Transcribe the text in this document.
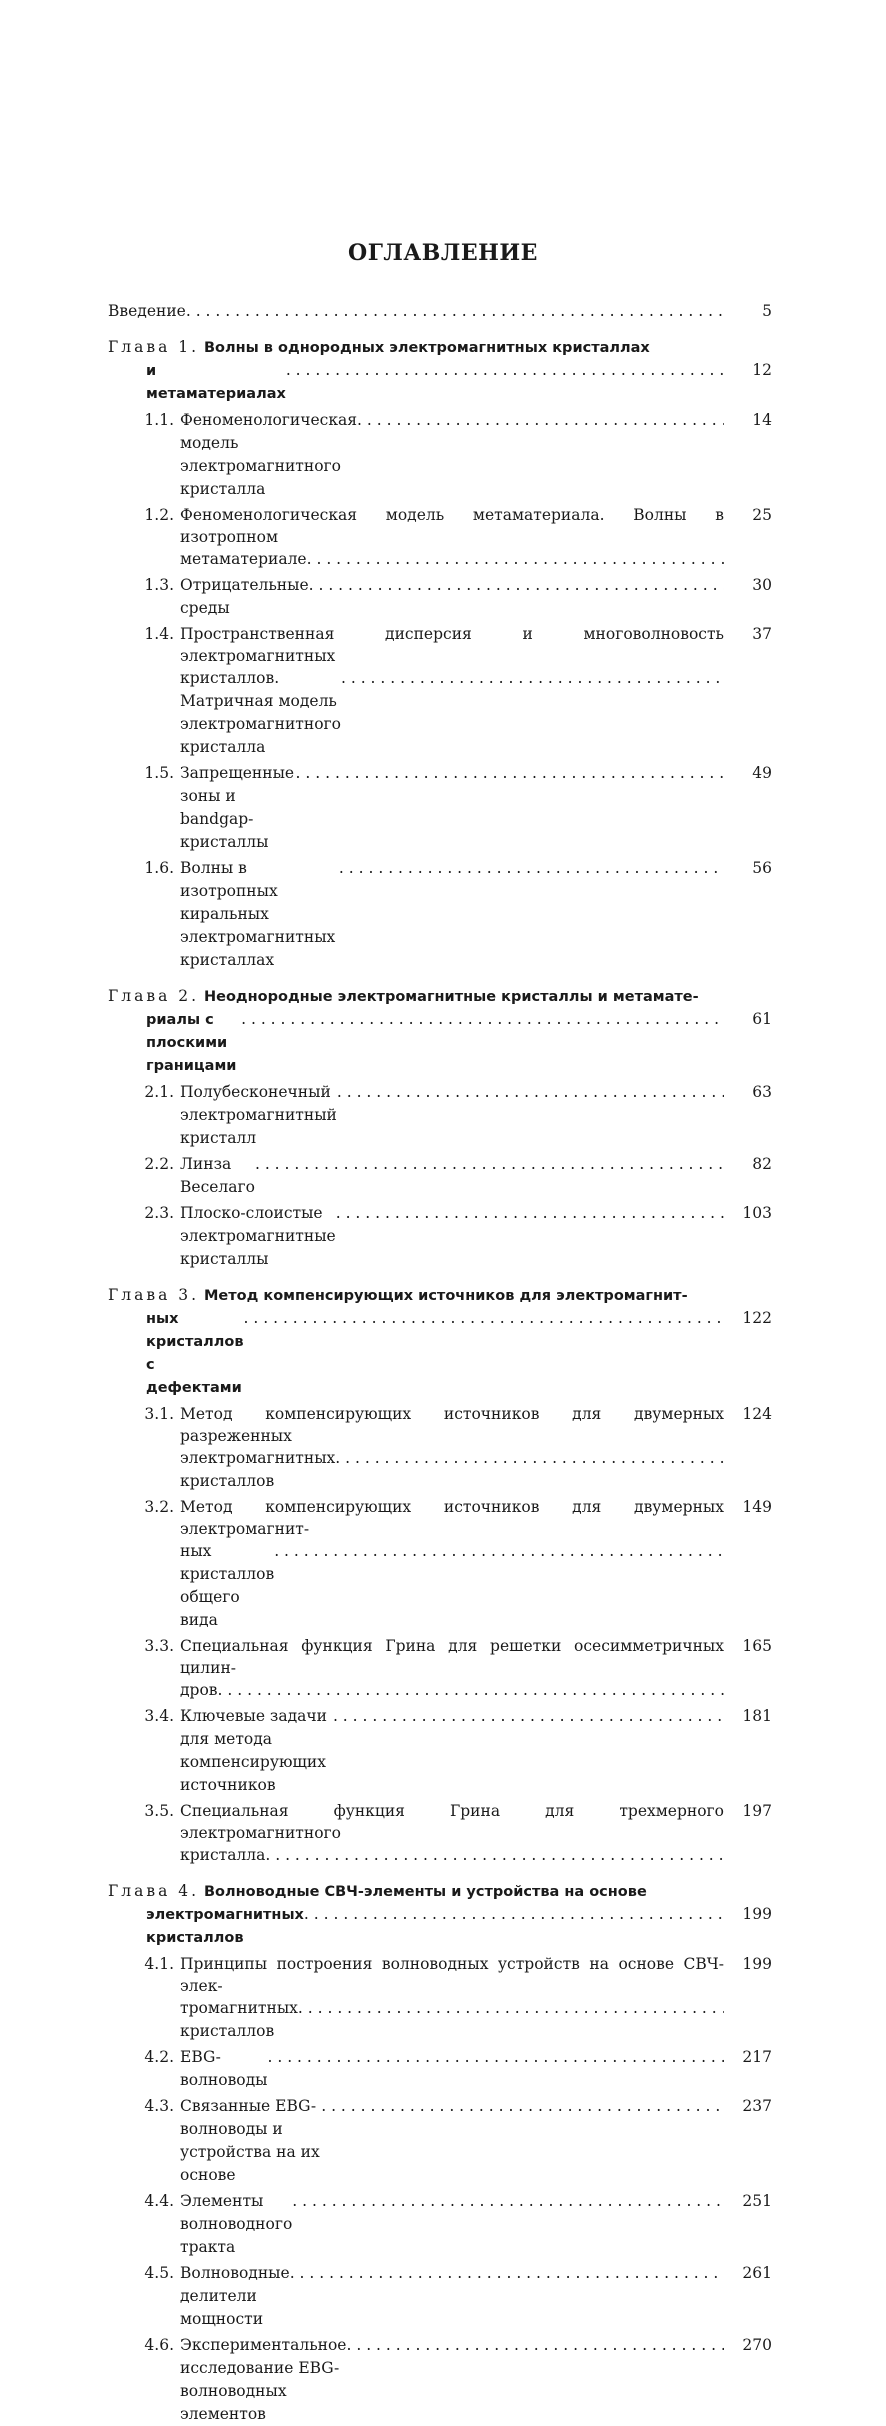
ОГЛАВЛЕНИЕ
Введение
. . .	5
Глава 1. Волны в однородных электромагнитных кристаллах
и метаматериалах
. . .
12
1.1. Феноменологическая модель электромагнитного кристалла
. . .
14
1.2. Феноменологическая модель метаматериала. Волны в изотропном
метаматериале
. . .
25
1.3. Отрицательные среды
. . .
30
1.4. Пространственная дисперсия и многоволновость электромагнитных
кристаллов. Матричная модель электромагнитного кристалла
. . .
37
1.5. Запрещенные зоны и bandgap-кристаллы
. . .
49
1.6. Волны в изотропных киральных электромагнитных кристаллах
. . .
56
Глава 2. Неоднородные электромагнитные кристаллы и метамате-
риалы с плоскими границами
. . .
61
2.1. Полубесконечный электромагнитный кристалл
. . .
63
2.2. Линза Веселаго
. . .
82
2.3. Плоско-слоистые электромагнитные кристаллы
. . .
103
Глава 3. Метод компенсирующих источников для электромагнит-
ных кристаллов с дефектами
. . .
122
3.1. Метод компенсирующих источников для двумерных разреженных
электромагнитных кристаллов
. . .
124
3.2. Метод компенсирующих источников для двумерных электромагнит-
ных кристаллов общего вида
. . .
149
3.3. Специальная функция Грина для решетки осесимметричных цилин-
дров
. . .
165
3.4. Ключевые задачи для метода компенсирующих источников
. . .
181
3.5. Специальная функция Грина для трехмерного электромагнитного
кристалла
. . .
197
Глава 4. Волноводные СВЧ-элементы и устройства на основе
электромагнитных кристаллов
. . .
199
4.1. Принципы построения волноводных устройств на основе СВЧ-элек-
тромагнитных кристаллов
. . .
199
4.2. EBG-волноводы
. . .
217
4.3. Связанные EBG-волноводы и устройства на их основе
. . .
237
4.4. Элементы волноводного тракта
. . .
251
4.5. Волноводные делители мощности
. . .
261
4.6. Экспериментальное исследование EBG-волноводных элементов
. . .
270
